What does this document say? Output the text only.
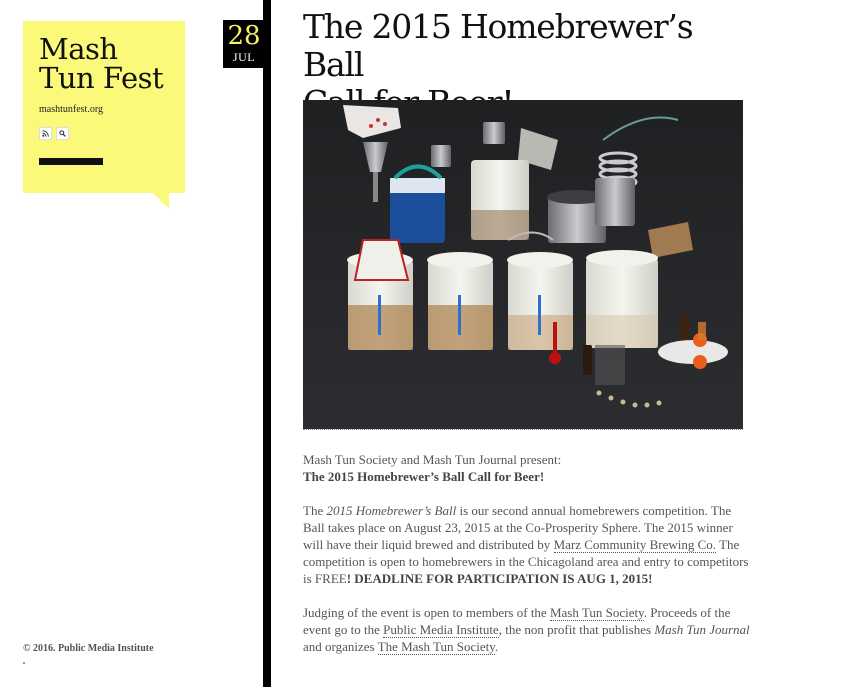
Mash
Tun Fest
mashtunfest.org
© 2016. Public Media Institute
28
JUL
The 2015 Homebrewer’s Ball

Mash Tun Society and Mash Tun Journal present:
The 2015 Homebrewer’s Ball Call for Beer!

The 2015 Homebrewer’s Ball is our second annual homebrewers competition. The Ball takes place on August 23, 2015 at the Co-Prosperity Sphere. The 2015 winner will have their liquid brewed and distributed by Marz Community Brewing Co. The competition is open to homebrewers in the Chicagoland area and entry to competitors is FREE! DEADLINE FOR PARTICIPATION IS AUG 1, 2015!

Judging of the event is open to members of the Mash Tun Society. Proceeds of the event go to the Public Media Institute, the non profit that publishes Mash Tun Journal and organizes The Mash Tun Society.
